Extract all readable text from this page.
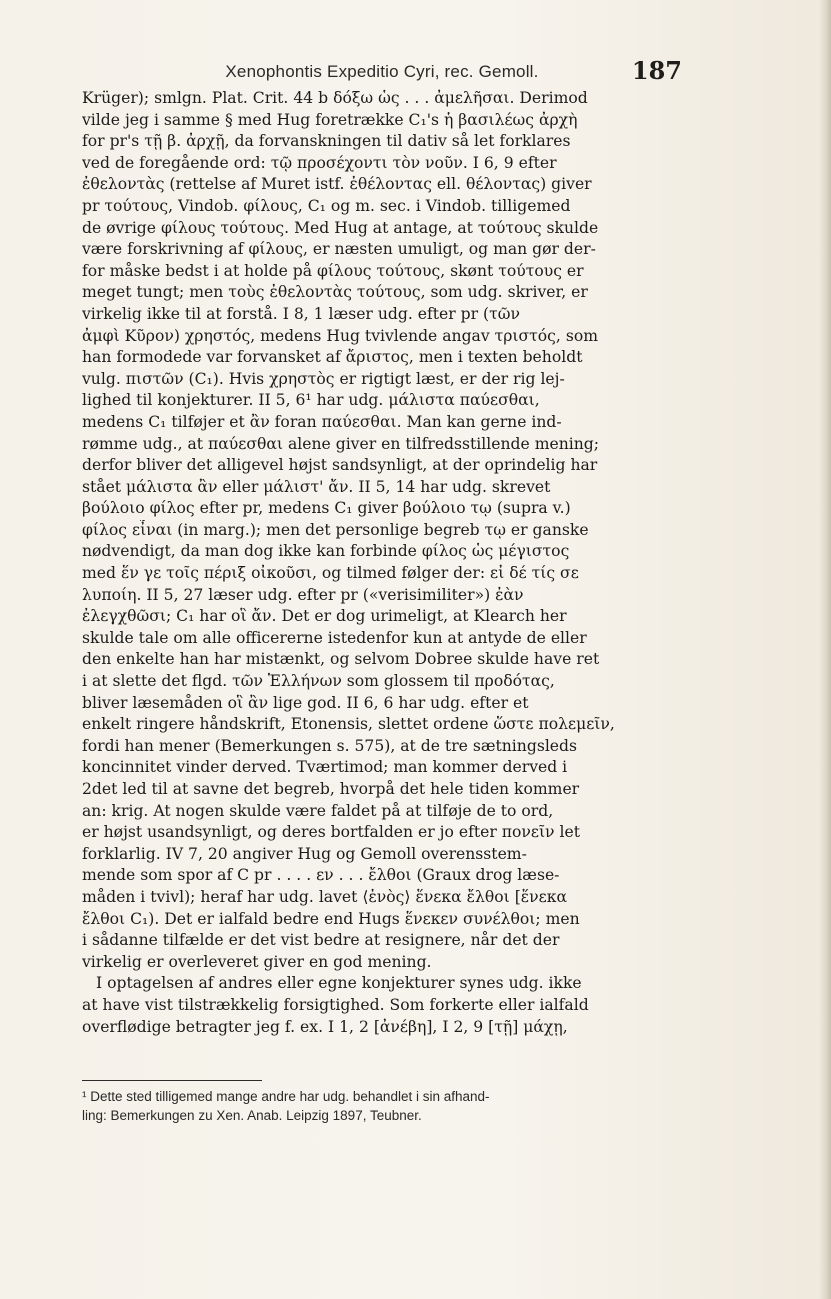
Xenophontis Expeditio Cyri, rec. Gemoll.	187
Krüger); smlgn. Plat. Crit. 44 b δόξω ὡς . . . ἀμελῆσαι. Derimod
vilde jeg i samme § med Hug foretrække C₁'s ἡ βασιλέως ἀρχὴ
for pr's τῇ β. ἀρχῇ, da forvanskningen til dativ så let forklares
ved de foregående ord: τῷ προσέχοντι τὸν νοῦν. I 6, 9 efter
ἐθελοντὰς (rettelse af Muret istf. ἐθέλοντας ell. θέλοντας) giver
pr τούτους, Vindob. φίλους, C₁ og m. sec. i Vindob. tilligemed
de øvrige φίλους τούτους. Med Hug at antage, at τούτους skulde
være forskrivning af φίλους, er næsten umuligt, og man gør der-
for måske bedst i at holde på φίλους τούτους, skønt τούτους er
meget tungt; men τοὺς ἐθελοντὰς τούτους, som udg. skriver, er
virkelig ikke til at forstå. I 8, 1 læser udg. efter pr (τῶν
ἀμφὶ Κῦρον) χρηστός, medens Hug tvivlende angav τριστός, som
han formodede var forvansket af ἄριστος, men i texten beholdt
vulg. πιστῶν (C₁). Hvis χρηστὸς er rigtigt læst, er der rig lej-
lighed til konjekturer. II 5, 6¹ har udg. μάλιστα παύεσθαι,
medens C₁ tilføjer et ἂν foran παύεσθαι. Man kan gerne ind-
rømme udg., at παύεσθαι alene giver en tilfredsstillende mening;
derfor bliver det alligevel højst sandsynligt, at der oprindelig har
stået μάλιστα ἂν eller μάλιστ' ἄν. II 5, 14 har udg. skrevet
βούλοιο φίλος efter pr, medens C₁ giver βούλοιο τῳ (supra v.)
φίλος εἶναι (in marg.); men det personlige begreb τῳ er ganske
nødvendigt, da man dog ikke kan forbinde φίλος ὡς μέγιστος
med ἕν γε τοῖς πέριξ οἰκοῦσι, og tilmed følger der: εἰ δέ τίς σε
λυποίη. II 5, 27 læser udg. efter pr («verisimiliter») ἐὰν
ἐλεγχθῶσι; C₁ har οἳ ἄν. Det er dog urimeligt, at Klearch her
skulde tale om alle officererne istedenfor kun at antyde de eller
den enkelte han har mistænkt, og selvom Dobree skulde have ret
i at slette det flgd. τῶν Ἑλλήνων som glossem til προδότας,
bliver læsemåden οἳ ἂν lige god. II 6, 6 har udg. efter et
enkelt ringere håndskrift, Etonensis, slettet ordene ὥστε πολεμεῖν,
fordi han mener (Bemerkungen s. 575), at de tre sætningsleds
koncinnitet vinder derved. Tværtimod; man kommer derved i
2det led til at savne det begreb, hvorpå det hele tiden kommer
an: krig. At nogen skulde være faldet på at tilføje de to ord,
er højst usandsynligt, og deres bortfalden er jo efter πονεῖν let
forklarlig. IV 7, 20 angiver Hug og Gemoll overensstem-
mende som spor af C pr . . . . εν . . . ἔλθοι (Graux drog læse-
måden i tvivl); heraf har udg. lavet ⟨ἑνὸς⟩ ἕνεκα ἔλθοι [ἕνεκα
ἔλθοι C₁). Det er ialfald bedre end Hugs ἕνεκεν συνέλθοι; men
i sådanne tilfælde er det vist bedre at resignere, når det der
virkelig er overleveret giver en god mening.
I optagelsen af andres eller egne konjekturer synes udg. ikke
at have vist tilstrækkelig forsigtighed. Som forkerte eller ialfald
overflødige betragter jeg f. ex. I 1, 2 [ἀνέβη], I 2, 9 [τῇ] μάχῃ,
¹ Dette sted tilligemed mange andre har udg. behandlet i sin afhand-
ling: Bemerkungen zu Xen. Anab. Leipzig 1897, Teubner.
